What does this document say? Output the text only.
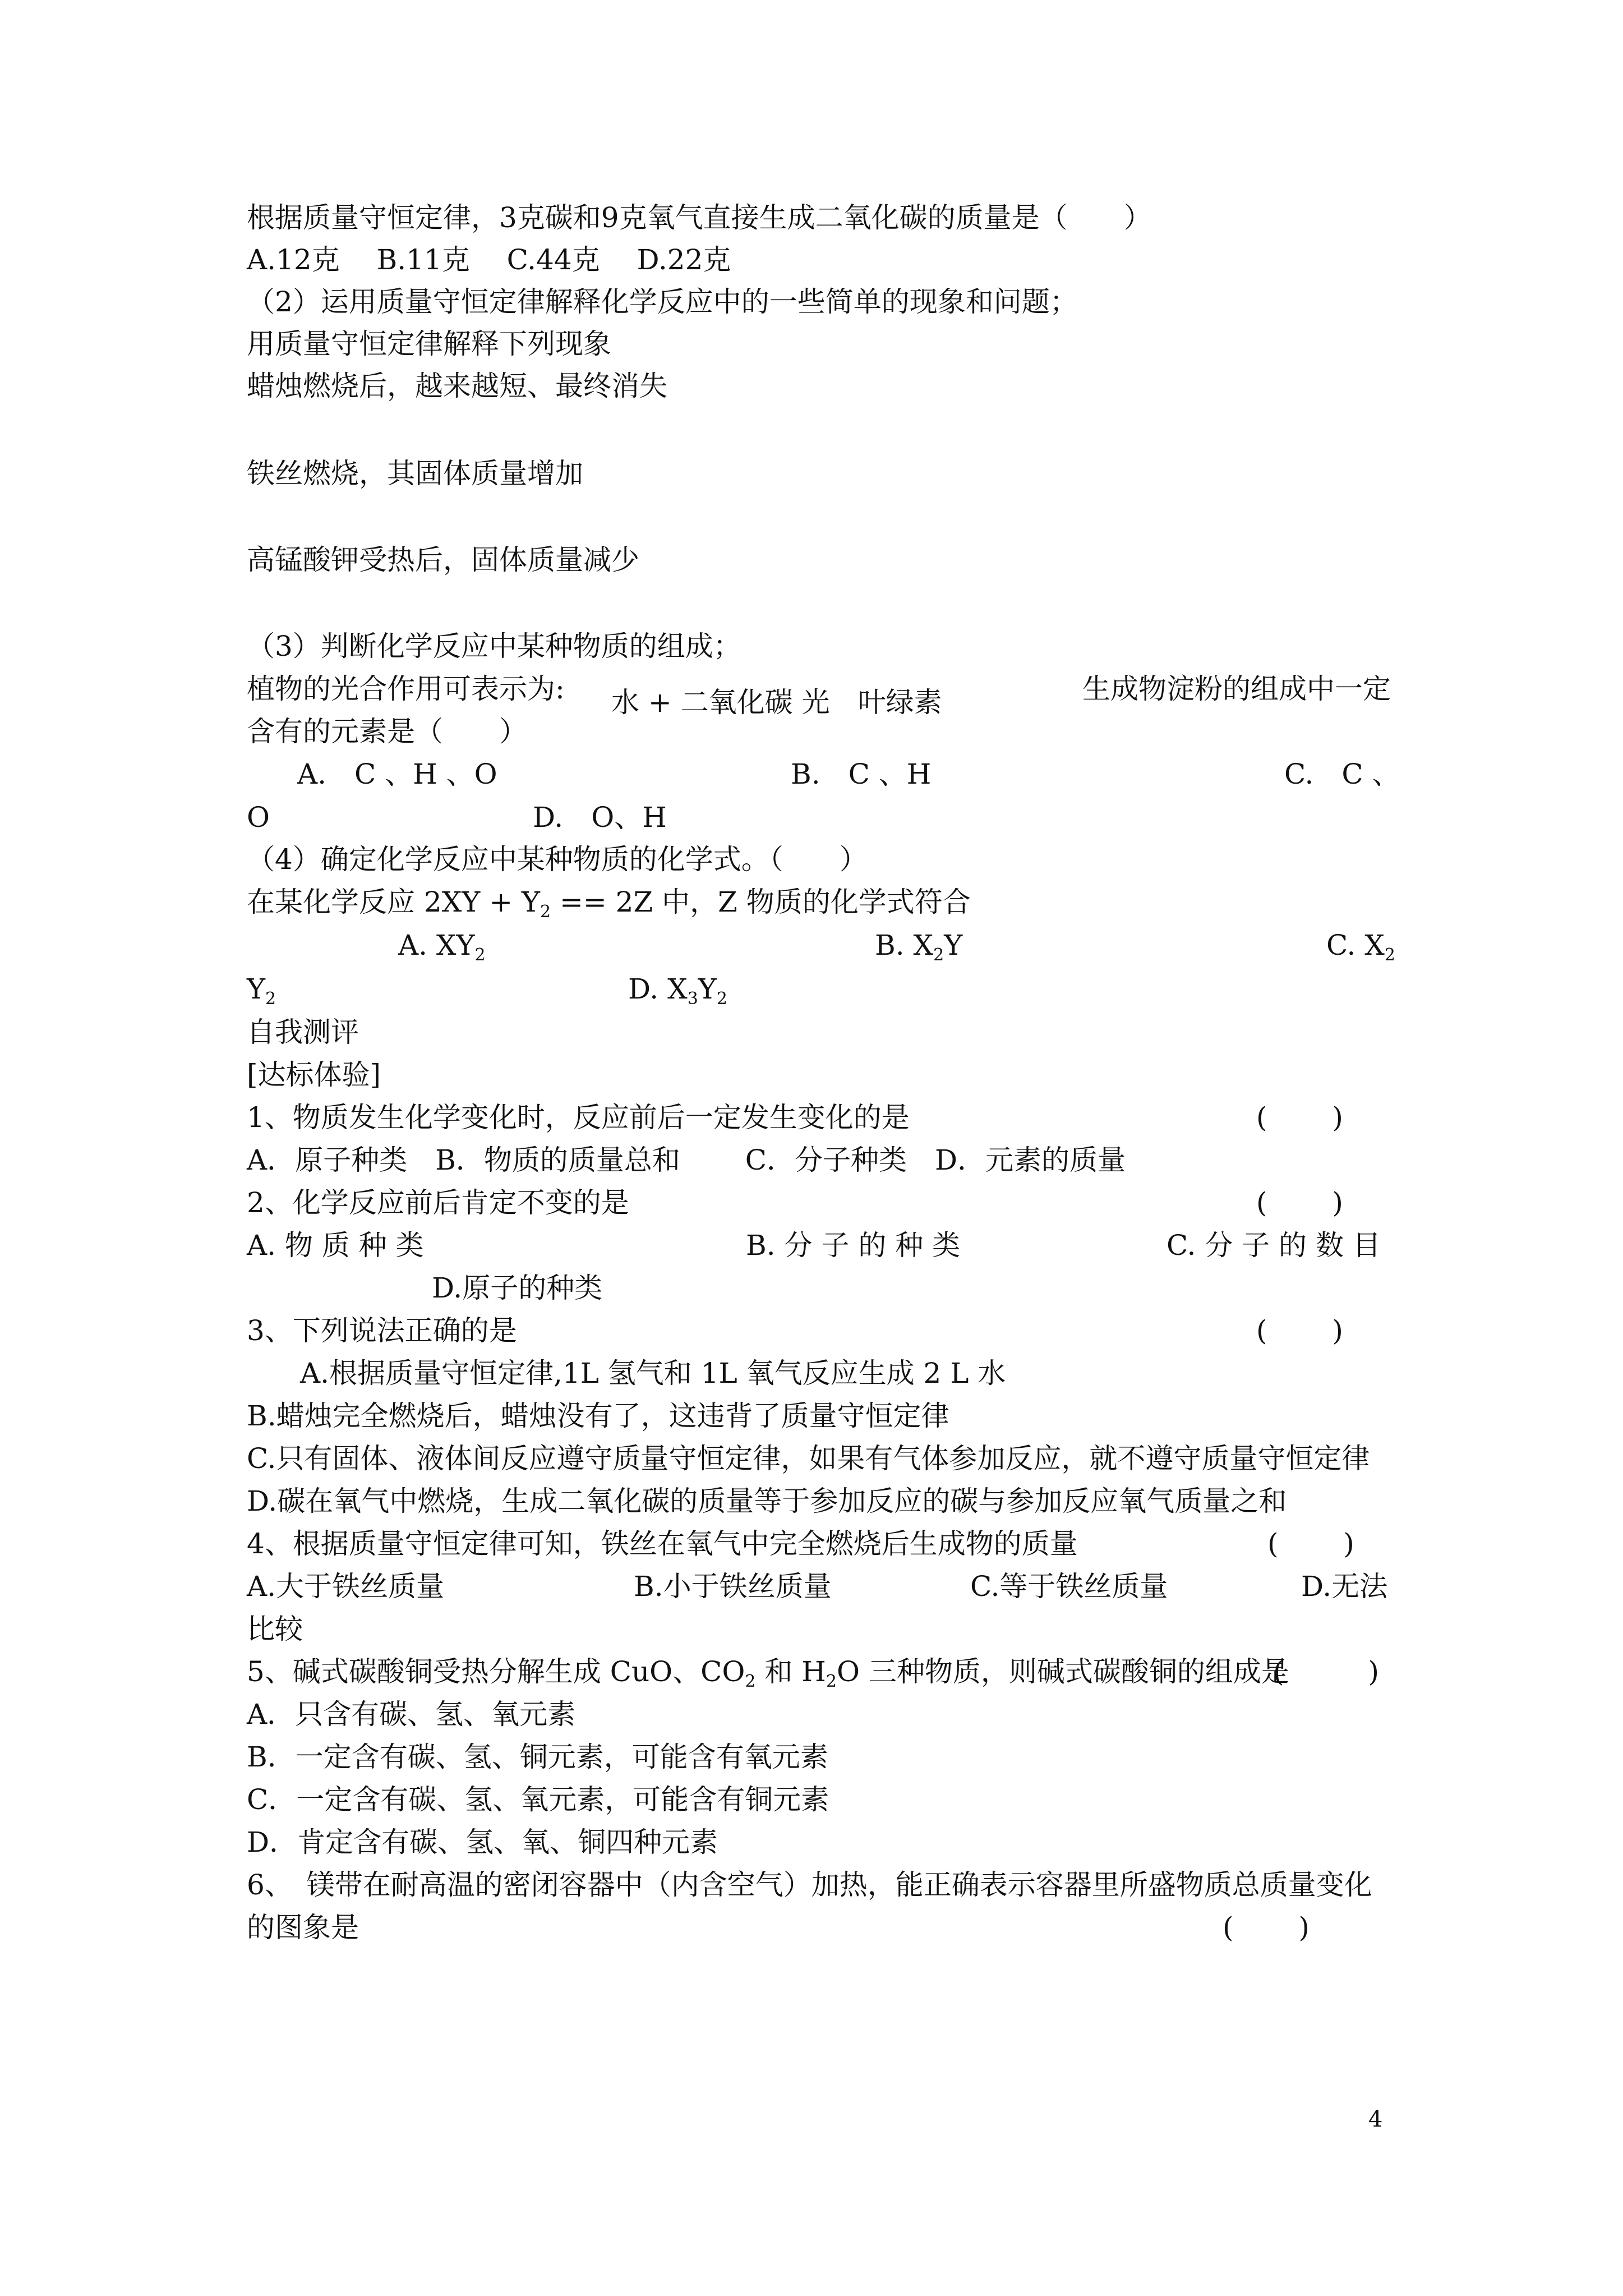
根据质量守恒定律，3克碳和9克氧气直接生成二氧化碳的质量是（　　）
A.12克　 B.11克　 C.44克　 D.22克
（2）运用质量守恒定律解释化学反应中的一些简单的现象和问题；
用质量守恒定律解释下列现象
蜡烛燃烧后，越来越短、最终消失
铁丝燃烧，其固体质量增加
高锰酸钾受热后，固体质量减少
（3）判断化学反应中某种物质的组成；
植物的光合作用可表示为: 水 + 二氧化碳 光　叶绿素	生成物淀粉的组成中一定
含有的元素是（　　）
A.　C 、H 、O	B.　C 、H	C.　C 、
O	D.　O、H
（4）确定化学反应中某种物质的化学式。（　　）
在某化学反应 $2XY + Y_2 == 2Z$ 中，Z 物质的化学式符合
A. $XY_2$	B. $X_2Y$	C. $X_2$
$Y_2$	D. $X_3Y_2$
自我测评
[达标体验]
1、物质发生化学变化时，反应前后一定发生变化的是	(　　 )
A．原子种类　B．物质的质量总和　　 C．分子种类　D．元素的质量
2、化学反应前后肯定不变的是	(　　 )
A. 物 质 种 类	B. 分 子 的 种 类	C. 分 子 的 数 目
D.原子的种类
3、下列说法正确的是	(　　 )
A.根据质量守恒定律,1L 氢气和 1L 氧气反应生成 2 L 水
B.蜡烛完全燃烧后，蜡烛没有了，这违背了质量守恒定律
C.只有固体、液体间反应遵守质量守恒定律，如果有气体参加反应，就不遵守质量守恒定律
D.碳在氧气中燃烧，生成二氧化碳的质量等于参加反应的碳与参加反应氧气质量之和
4、根据质量守恒定律可知，铁丝在氧气中完全燃烧后生成物的质量	(　　 )
A.大于铁丝质量	B.小于铁丝质量	C.等于铁丝质量	D.无法
比较
5、碱式碳酸铜受热分解生成 CuO、$CO_2$ 和 $H_2O$ 三种物质，则碱式碳酸铜的组成是
(　　　)
A．只含有碳、氢、氧元素
B．一定含有碳、氢、铜元素，可能含有氧元素
C．一定含有碳、氢、氧元素，可能含有铜元素
D．肯定含有碳、氢、氧、铜四种元素
6、　镁带在耐高温的密闭容器中（内含空气）加热，能正确表示容器里所盛物质总质量变化
的图象是	(　　 )
4
